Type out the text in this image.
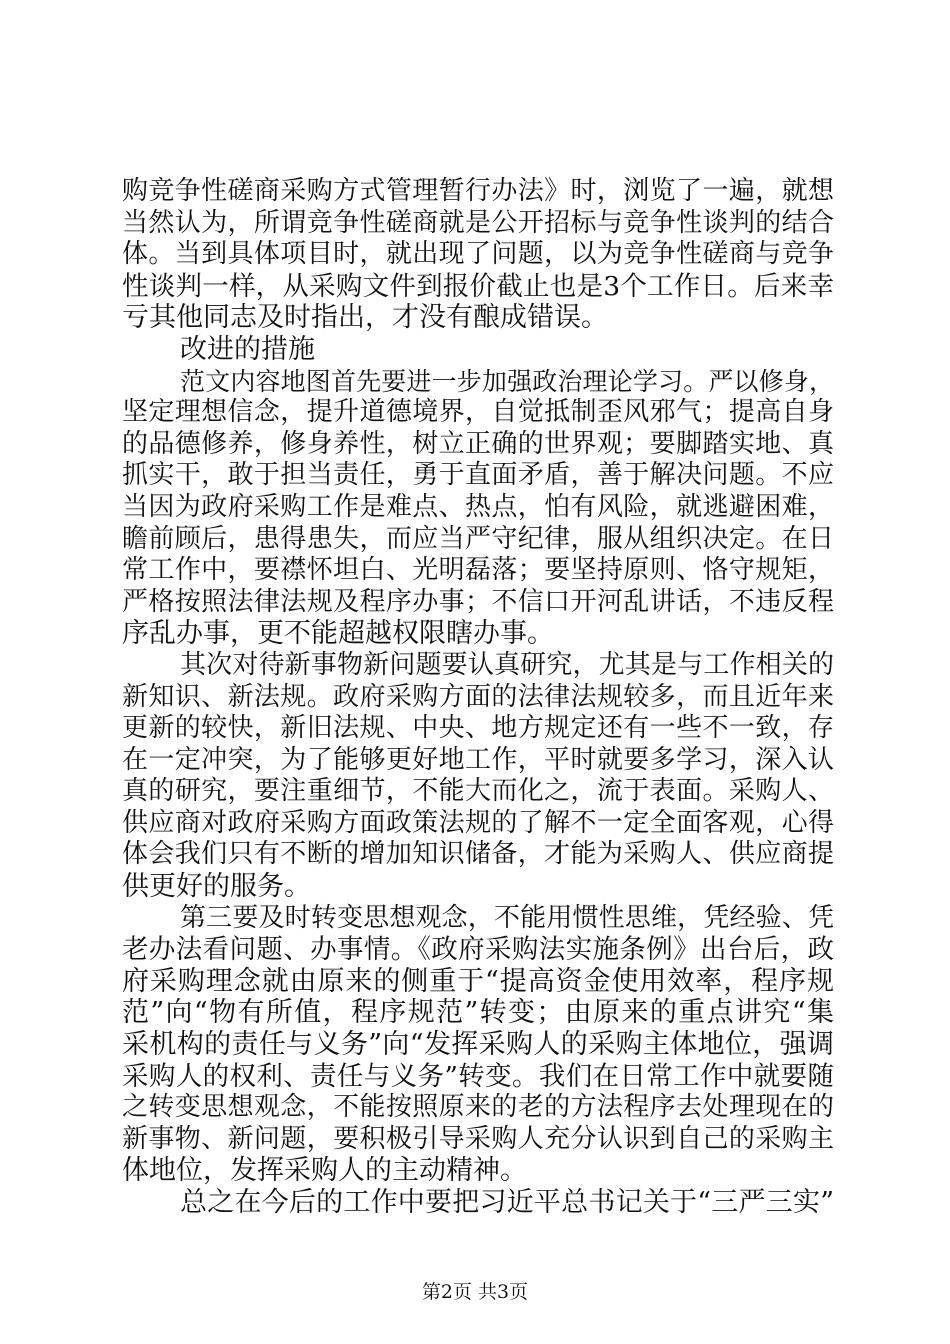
购竞争性磋商采购方式管理暂行办法》时，浏览了一遍，就想
当然认为，所谓竞争性磋商就是公开招标与竞争性谈判的结合
体。当到具体项目时，就出现了问题，以为竞争性磋商与竞争
性谈判一样，从采购文件到报价截止也是3个工作日。后来幸
亏其他同志及时指出，才没有酿成错误。
改进的措施
范文内容地图首先要进一步加强政治理论学习。严以修身，
坚定理想信念，提升道德境界，自觉抵制歪风邪气；提高自身
的品德修养，修身养性，树立正确的世界观；要脚踏实地、真
抓实干，敢于担当责任，勇于直面矛盾，善于解决问题。不应
当因为政府采购工作是难点、热点，怕有风险，就逃避困难，
瞻前顾后，患得患失，而应当严守纪律，服从组织决定。在日
常工作中，要襟怀坦白、光明磊落；要坚持原则、恪守规矩，
严格按照法律法规及程序办事；不信口开河乱讲话，不违反程
序乱办事，更不能超越权限瞎办事。
其次对待新事物新问题要认真研究，尤其是与工作相关的
新知识、新法规。政府采购方面的法律法规较多，而且近年来
更新的较快，新旧法规、中央、地方规定还有一些不一致，存
在一定冲突，为了能够更好地工作，平时就要多学习，深入认
真的研究，要注重细节，不能大而化之，流于表面。采购人、
供应商对政府采购方面政策法规的了解不一定全面客观，心得
体会我们只有不断的增加知识储备，才能为采购人、供应商提
供更好的服务。
第三要及时转变思想观念，不能用惯性思维，凭经验、凭
老办法看问题、办事情。《政府采购法实施条例》出台后，政
府采购理念就由原来的侧重于“提高资金使用效率，程序规
范”向“物有所值，程序规范”转变；由原来的重点讲究“集
采机构的责任与义务”向“发挥采购人的采购主体地位，强调
采购人的权利、责任与义务”转变。我们在日常工作中就要随
之转变思想观念，不能按照原来的老的方法程序去处理现在的
新事物、新问题，要积极引导采购人充分认识到自己的采购主
体地位，发挥采购人的主动精神。
总之在今后的工作中要把习近平总书记关于“三严三实”
第2页 共3页
